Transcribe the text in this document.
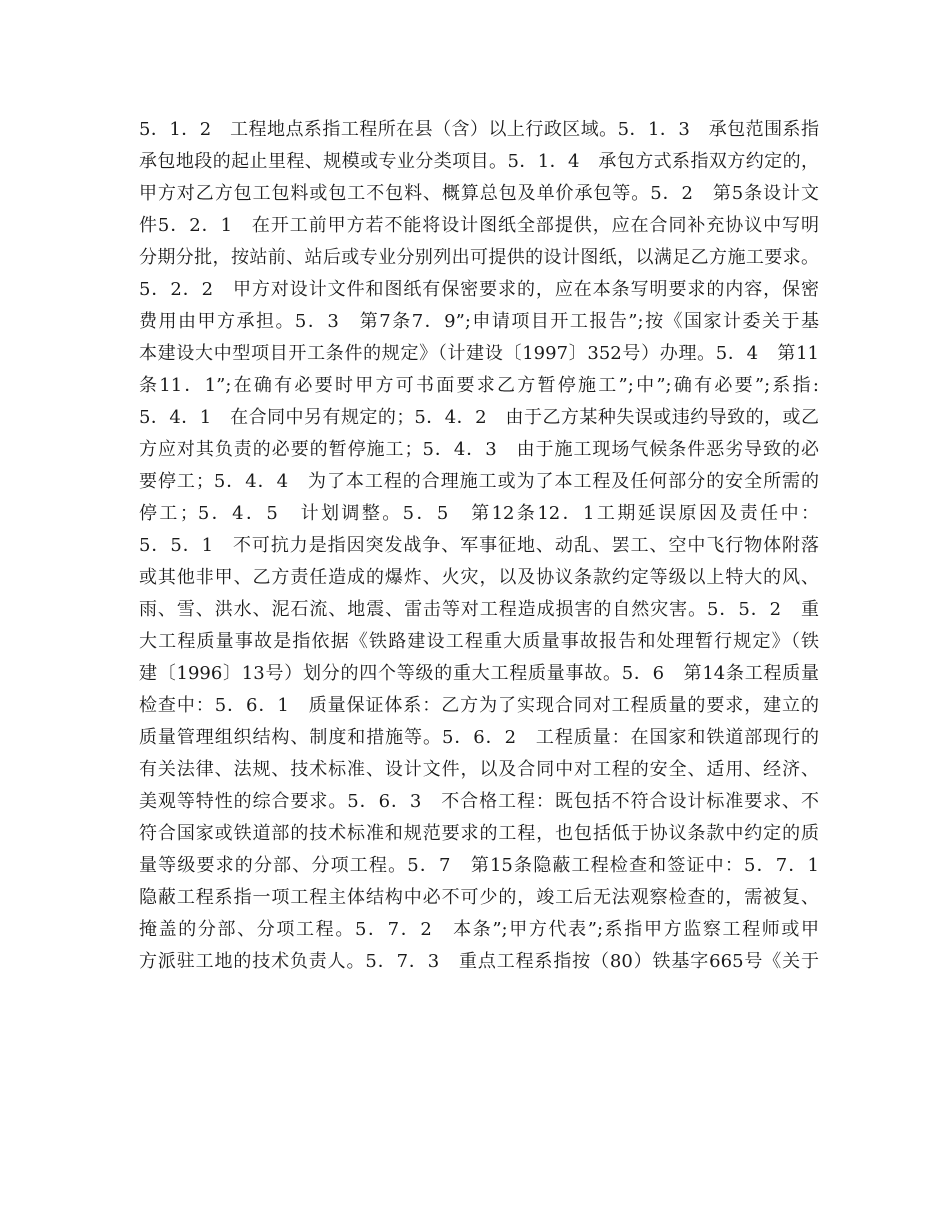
5．1．2　工程地点系指工程所在县（含）以上行政区域。5．1．3　承包范围系指
承包地段的起止里程、规模或专业分类项目。5．1．4　承包方式系指双方约定的，
甲方对乙方包工包料或包工不包料、概算总包及单价承包等。5．2　第5条设计文
件5．2．1　在开工前甲方若不能将设计图纸全部提供，应在合同补充协议中写明
分期分批，按站前、站后或专业分别列出可提供的设计图纸，以满足乙方施工要求。
5．2．2　甲方对设计文件和图纸有保密要求的，应在本条写明要求的内容，保密
费用由甲方承担。5．3　第7条7．9”;申请项目开工报告”;按《国家计委关于基
本建设大中型项目开工条件的规定》（计建设〔1997〕352号）办理。5．4　第11
条11．1”;在确有必要时甲方可书面要求乙方暂停施工”;中”;确有必要”;系指:
5．4．1　在合同中另有规定的；5．4．2　由于乙方某种失误或违约导致的，或乙
方应对其负责的必要的暂停施工；5．4．3　由于施工现场气候条件恶劣导致的必
要停工；5．4．4　为了本工程的合理施工或为了本工程及任何部分的安全所需的
停工；5．4．5　计划调整。5．5　第12条12．1工期延误原因及责任中：
5．5．1　不可抗力是指因突发战争、军事征地、动乱、罢工、空中飞行物体附落
或其他非甲、乙方责任造成的爆炸、火灾，以及协议条款约定等级以上特大的风、
雨、雪、洪水、泥石流、地震、雷击等对工程造成损害的自然灾害。5．5．2　重
大工程质量事故是指依据《铁路建设工程重大质量事故报告和处理暂行规定》（铁
建〔1996〕13号）划分的四个等级的重大工程质量事故。5．6　第14条工程质量
检查中：5．6．1　质量保证体系：乙方为了实现合同对工程质量的要求，建立的
质量管理组织结构、制度和措施等。5．6．2　工程质量：在国家和铁道部现行的
有关法律、法规、技术标准、设计文件，以及合同中对工程的安全、适用、经济、
美观等特性的综合要求。5．6．3　不合格工程：既包括不符合设计标准要求、不
符合国家或铁道部的技术标准和规范要求的工程，也包括低于协议条款中约定的质
量等级要求的分部、分项工程。5．7　第15条隐蔽工程检查和签证中：5．7．1
隐蔽工程系指一项工程主体结构中必不可少的，竣工后无法观察检查的，需被复、
掩盖的分部、分项工程。5．7．2　本条”;甲方代表”;系指甲方监察工程师或甲
方派驻工地的技术负责人。5．7．3　重点工程系指按（80）铁基字665号《关于
